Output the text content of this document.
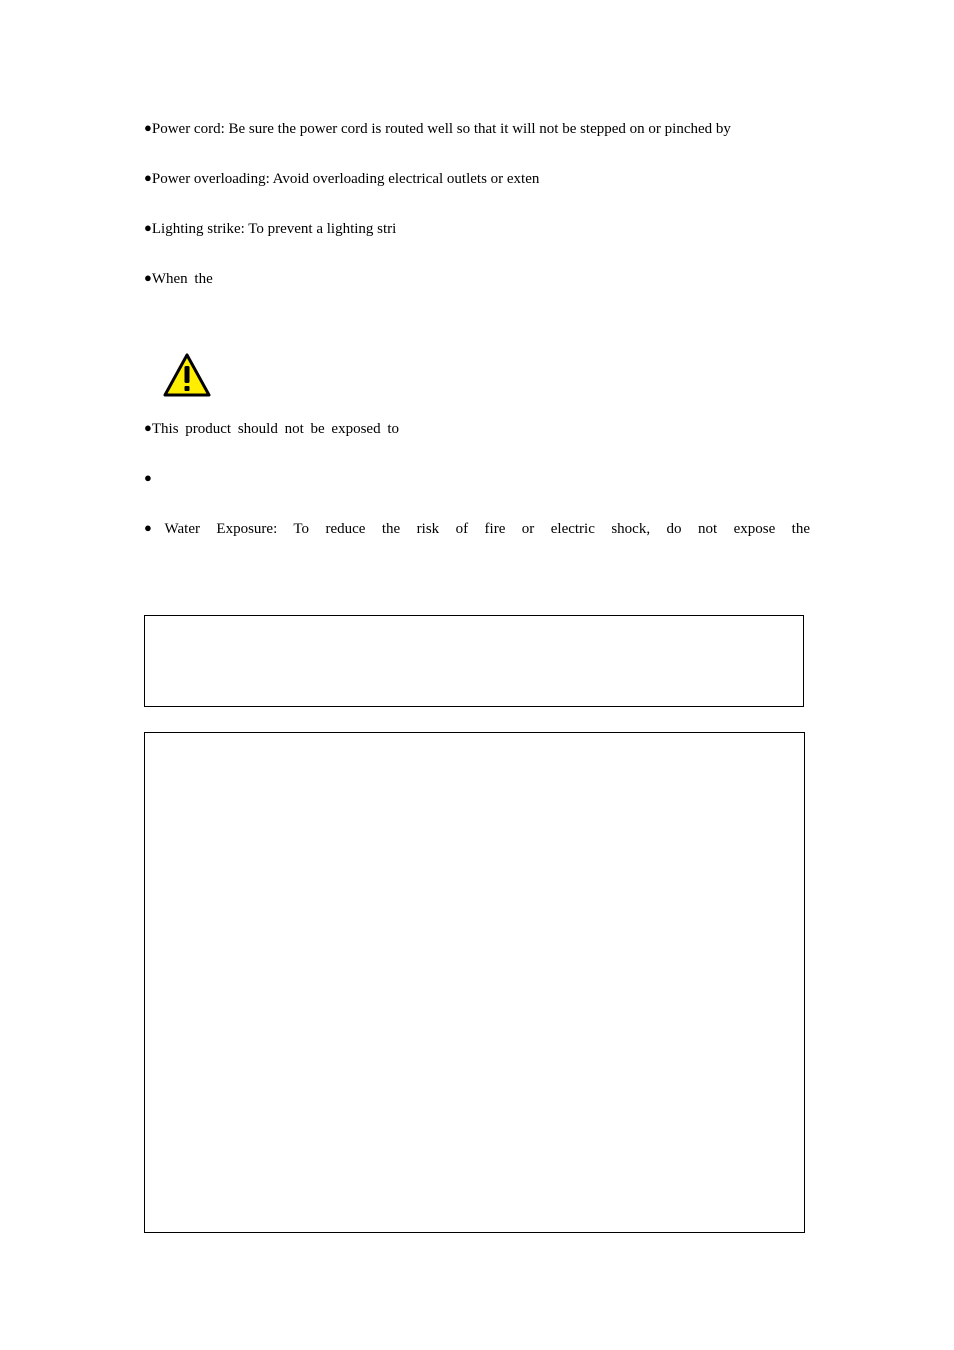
●Power cord: Be sure the power cord is routed well so that it will not be stepped on or pinched by
●Power overloading: Avoid overloading electrical outlets or exten
●Lighting strike: To prevent a lighting stri
●When the
●This product should not be exposed to
●
●Water Exposure: To reduce the risk of fire or electric shock, do not expose the
